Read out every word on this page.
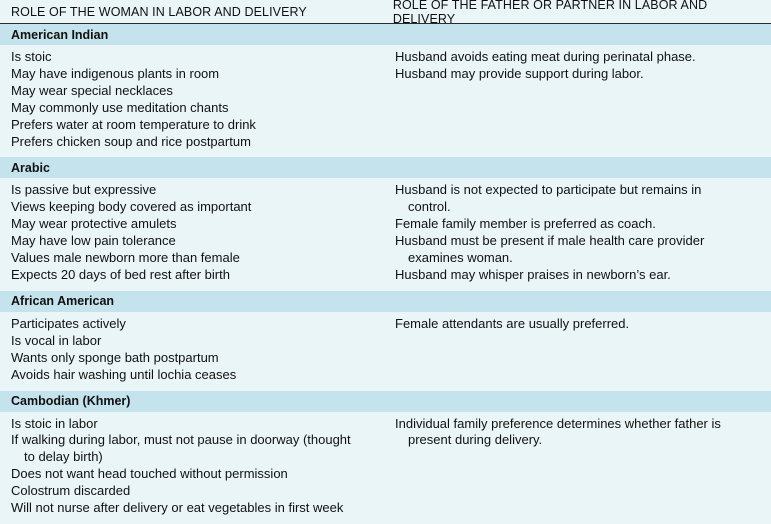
ROLE OF THE WOMAN IN LABOR AND DELIVERY	ROLE OF THE FATHER OR PARTNER IN LABOR AND DELIVERY
American Indian
Is stoic
May have indigenous plants in room
May wear special necklaces
May commonly use meditation chants
Prefers water at room temperature to drink
Prefers chicken soup and rice postpartum
Husband avoids eating meat during perinatal phase.
Husband may provide support during labor.
Arabic
Is passive but expressive
Views keeping body covered as important
May wear protective amulets
May have low pain tolerance
Values male newborn more than female
Expects 20 days of bed rest after birth
Husband is not expected to participate but remains in
control.
Female family member is preferred as coach.
Husband must be present if male health care provider
examines woman.
Husband may whisper praises in newborn’s ear.
African American
Participates actively
Is vocal in labor
Wants only sponge bath postpartum
Avoids hair washing until lochia ceases
Female attendants are usually preferred.
Cambodian (Khmer)
Is stoic in labor
If walking during labor, must not pause in doorway (thought
to delay birth)
Does not want head touched without permission
Colostrum discarded
Will not nurse after delivery or eat vegetables in first week
Individual family preference determines whether father is
present during delivery.
